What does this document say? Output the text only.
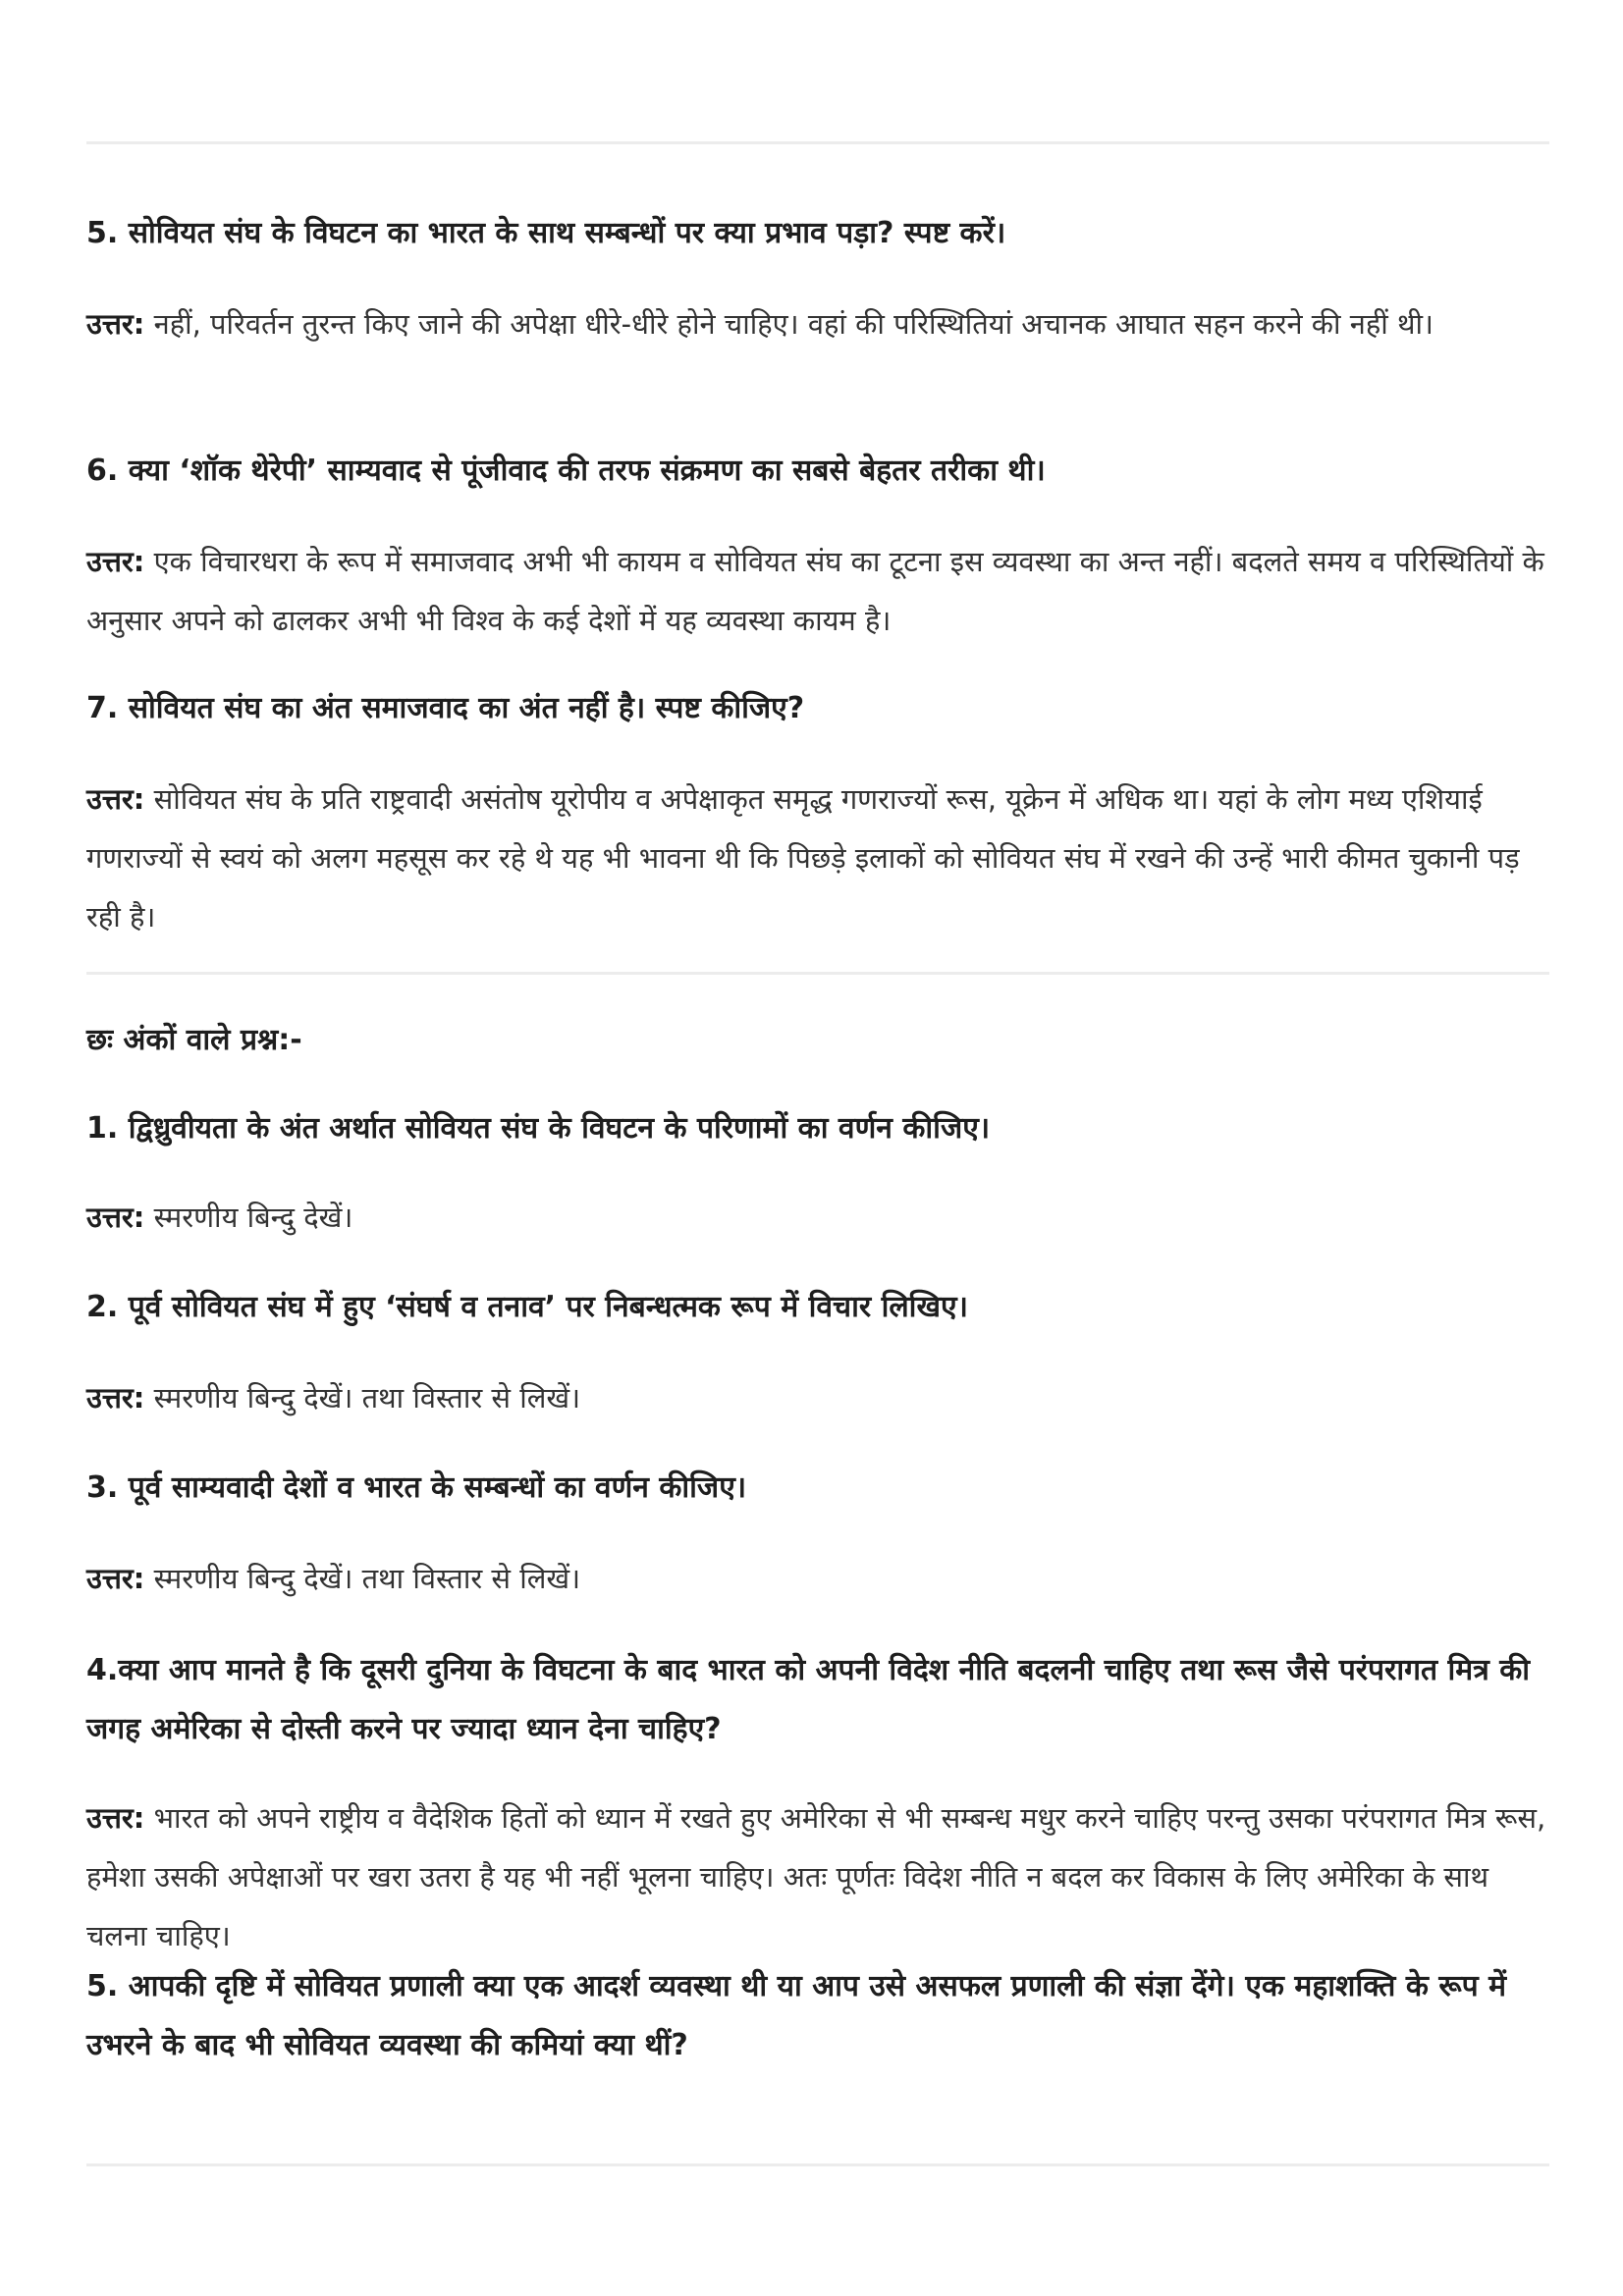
5. सोवियत संघ के विघटन का भारत के साथ सम्बन्धों पर क्या प्रभाव पड़ा? स्पष्ट करें।
उत्तर: नहीं, परिवर्तन तुरन्त किए जाने की अपेक्षा धीरे-धीरे होने चाहिए। वहां की परिस्थितियां अचानक आघात सहन करने की नहीं थी।
6. क्या ‘शॉक थेरेपी’ साम्यवाद से पूंजीवाद की तरफ संक्रमण का सबसे बेहतर तरीका थी।
उत्तर: एक विचारधरा के रूप में समाजवाद अभी भी कायम व सोवियत संघ का टूटना इस व्यवस्था का अन्त नहीं। बदलते समय व परिस्थितियों के अनुसार अपने को ढालकर अभी भी विश्व के कई देशों में यह व्यवस्था कायम है।
7. सोवियत संघ का अंत समाजवाद का अंत नहीं है। स्पष्ट कीजिए?
उत्तर: सोवियत संघ के प्रति राष्ट्रवादी असंतोष यूरोपीय व अपेक्षाकृत समृद्ध गणराज्यों रूस, यूक्रेन में अधिक था। यहां के लोग मध्य एशियाई गणराज्यों से स्वयं को अलग महसूस कर रहे थे यह भी भावना थी कि पिछड़े इलाकों को सोवियत संघ में रखने की उन्हें भारी कीमत चुकानी पड़ रही है।
छः अंकों वाले प्रश्न:-
1. द्विध्रुवीयता के अंत अर्थात सोवियत संघ के विघटन के परिणामों का वर्णन कीजिए।
उत्तर: स्मरणीय बिन्दु देखें।
2. पूर्व सोवियत संघ में हुए ‘संघर्ष व तनाव’ पर निबन्धत्मक रूप में विचार लिखिए।
उत्तर: स्मरणीय बिन्दु देखें। तथा विस्तार से लिखें।
3. पूर्व साम्यवादी देशों व भारत के सम्बन्धों का वर्णन कीजिए।
उत्तर: स्मरणीय बिन्दु देखें। तथा विस्तार से लिखें।
4.क्या आप मानते है कि दूसरी दुनिया के विघटना के बाद भारत को अपनी विदेश नीति बदलनी चाहिए तथा रूस जैसे परंपरागत मित्र की जगह अमेरिका से दोस्ती करने पर ज्यादा ध्यान देना चाहिए?
उत्तर: भारत को अपने राष्ट्रीय व वैदेशिक हितों को ध्यान में रखते हुए अमेरिका से भी सम्बन्ध मधुर करने चाहिए परन्तु उसका परंपरागत मित्र रूस, हमेशा उसकी अपेक्षाओं पर खरा उतरा है यह भी नहीं भूलना चाहिए। अतः पूर्णतः विदेश नीति न बदल कर विकास के लिए अमेरिका के साथ चलना चाहिए।
5. आपकी दृष्टि में सोवियत प्रणाली क्या एक आदर्श व्यवस्था थी या आप उसे असफल प्रणाली की संज्ञा देंगे। एक महाशक्ति के रूप में उभरने के बाद भी सोवियत व्यवस्था की कमियां क्या थीं?
